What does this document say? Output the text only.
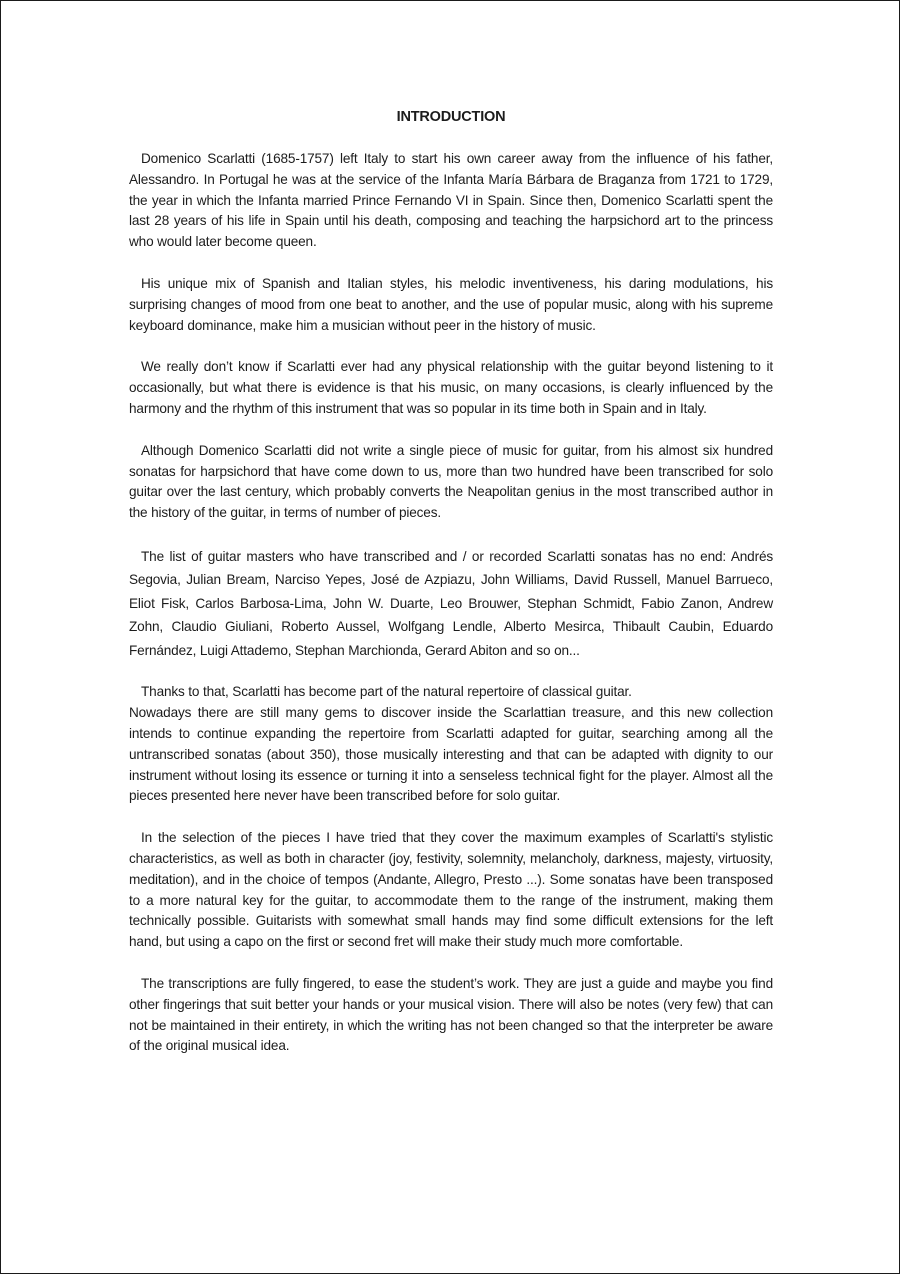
INTRODUCTION

Domenico Scarlatti (1685-1757) left Italy to start his own career away from the influence of his father, Alessandro. In Portugal he was at the service of the Infanta María Bárbara de Braganza from 1721 to 1729, the year in which the Infanta married Prince Fernando VI in Spain. Since then, Domenico Scarlatti spent the last 28 years of his life in Spain until his death, composing and teaching the harpsichord art to the princess who would later become queen.

His unique mix of Spanish and Italian styles, his melodic inventiveness, his daring modulations, his surprising changes of mood from one beat to another, and the use of popular music, along with his supreme keyboard dominance, make him a musician without peer in the history of music.

We really don’t know if Scarlatti ever had any physical relationship with the guitar beyond listening to it occasionally, but what there is evidence is that his music, on many occasions, is clearly influenced by the harmony and the rhythm of this instrument that was so popular in its time both in Spain and in Italy.

Although Domenico Scarlatti did not write a single piece of music for guitar, from his almost six hundred sonatas for harpsichord that have come down to us, more than two hundred have been transcribed for solo guitar over the last century, which probably converts the Neapolitan genius in the most transcribed author in the history of the guitar, in terms of number of pieces.

The list of guitar masters who have transcribed and / or recorded Scarlatti sonatas has no end: Andrés Segovia, Julian Bream, Narciso Yepes, José de Azpiazu, John Williams, David Russell, Manuel Barrueco, Eliot Fisk, Carlos Barbosa-Lima, John W. Duarte, Leo Brouwer, Stephan Schmidt, Fabio Zanon, Andrew Zohn, Claudio Giuliani, Roberto Aussel, Wolfgang Lendle, Alberto Mesirca, Thibault Caubin, Eduardo Fernández, Luigi Attademo, Stephan Marchionda, Gerard Abiton and so on...

Thanks to that, Scarlatti has become part of the natural repertoire of classical guitar.

Nowadays there are still many gems to discover inside the Scarlattian treasure, and this new collection intends to continue expanding the repertoire from Scarlatti adapted for guitar, searching among all the untranscribed sonatas (about 350), those musically interesting and that can be adapted with dignity to our instrument without losing its essence or turning it into a senseless technical fight for the player. Almost all the pieces presented here never have been transcribed before for solo guitar.

In the selection of the pieces I have tried that they cover the maximum examples of Scarlatti's stylistic characteristics, as well as both in character (joy, festivity, solemnity, melancholy, darkness, majesty, virtuosity, meditation), and in the choice of tempos (Andante, Allegro, Presto ...). Some sonatas have been transposed to a more natural key for the guitar, to accommodate them to the range of the instrument, making them technically possible. Guitarists with somewhat small hands may find some difficult extensions for the left hand, but using a capo on the first or second fret will make their study much more comfortable.

The transcriptions are fully fingered, to ease the student’s work. They are just a guide and maybe you find other fingerings that suit better your hands or your musical vision. There will also be notes (very few) that can not be maintained in their entirety, in which the writing has not been changed so that the interpreter be aware of the original musical idea.
